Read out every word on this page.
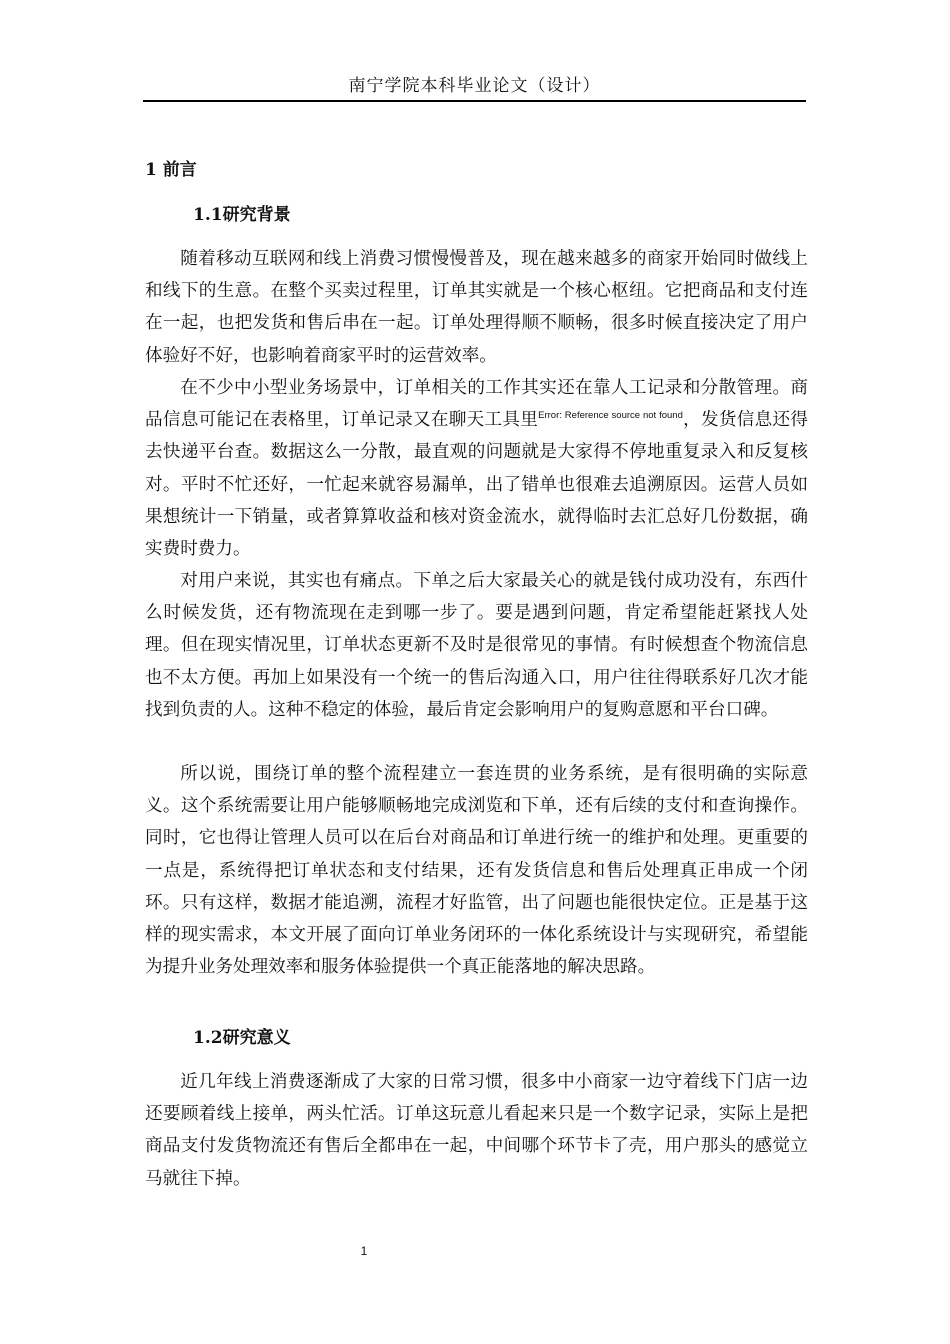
南宁学院本科毕业论文（设计）
1 前言
1.1研究背景

随着移动互联网和线上消费习惯慢慢普及，现在越来越多的商家开始同时做线上和线下的生意。在整个买卖过程里，订单其实就是一个核心枢纽。它把商品和支付连在一起，也把发货和售后串在一起。订单处理得顺不顺畅，很多时候直接决定了用户体验好不好，也影响着商家平时的运营效率。

在不少中小型业务场景中，订单相关的工作其实还在靠人工记录和分散管理。商品信息可能记在表格里，订单记录又在聊天工具里$^{Error: Reference source not found}$，发货信息还得去快递平台查。数据这么一分散，最直观的问题就是大家得不停地重复录入和反复核对。平时不忙还好，一忙起来就容易漏单，出了错单也很难去追溯原因。运营人员如果想统计一下销量，或者算算收益和核对资金流水，就得临时去汇总好几份数据，确实费时费力。

对用户来说，其实也有痛点。下单之后大家最关心的就是钱付成功没有，东西什么时候发货，还有物流现在走到哪一步了。要是遇到问题，肯定希望能赶紧找人处理。但在现实情况里，订单状态更新不及时是很常见的事情。有时候想查个物流信息也不太方便。再加上如果没有一个统一的售后沟通入口，用户往往得联系好几次才能找到负责的人。这种不稳定的体验，最后肯定会影响用户的复购意愿和平台口碑。

所以说，围绕订单的整个流程建立一套连贯的业务系统，是有很明确的实际意义。这个系统需要让用户能够顺畅地完成浏览和下单，还有后续的支付和查询操作。同时，它也得让管理人员可以在后台对商品和订单进行统一的维护和处理。更重要的一点是，系统得把订单状态和支付结果，还有发货信息和售后处理真正串成一个闭环。只有这样，数据才能追溯，流程才好监管，出了问题也能很快定位。正是基于这样的现实需求，本文开展了面向订单业务闭环的一体化系统设计与实现研究，希望能为提升业务处理效率和服务体验提供一个真正能落地的解决思路。

1.2研究意义

近几年线上消费逐渐成了大家的日常习惯，很多中小商家一边守着线下门店一边还要顾着线上接单，两头忙活。订单这玩意儿看起来只是一个数字记录，实际上是把商品支付发货物流还有售后全都串在一起，中间哪个环节卡了壳，用户那头的感觉立马就往下掉。

1
